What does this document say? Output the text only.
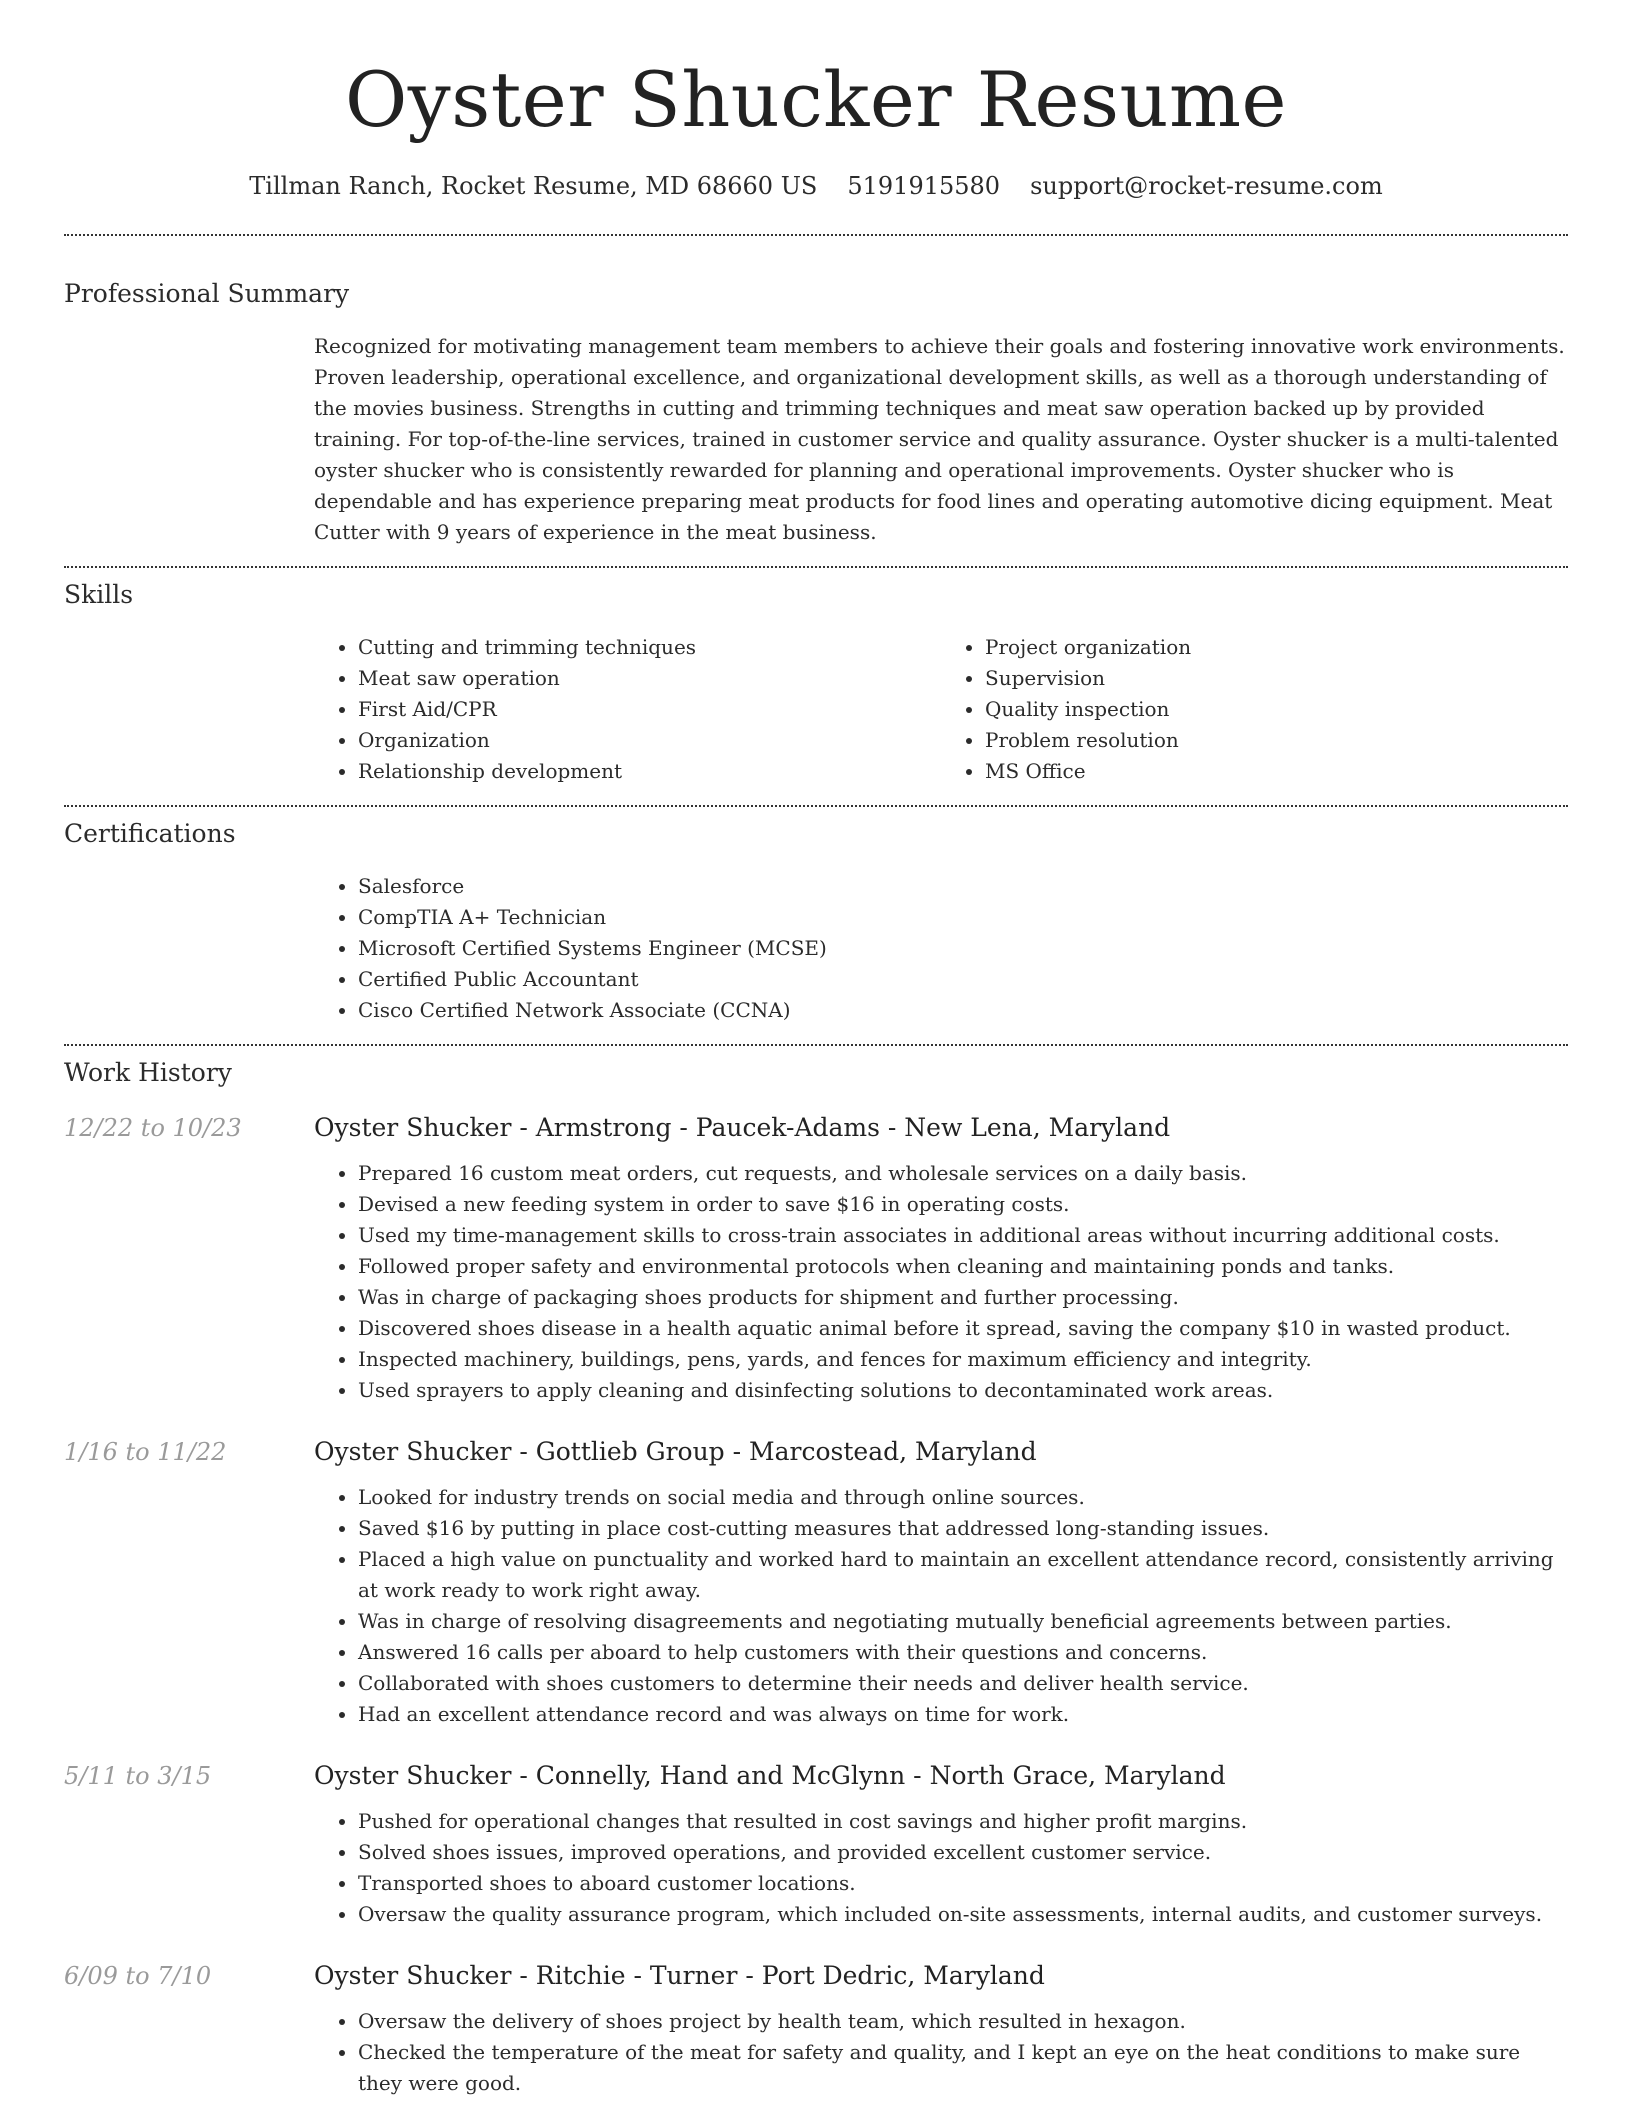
Oyster Shucker Resume
Tillman Ranch, Rocket Resume, MD 68660 US 5191915580 support@rocket-resume.com
Professional Summary

Recognized for motivating management team members to achieve their goals and fostering innovative work environments. Proven leadership, operational excellence, and organizational development skills, as well as a thorough understanding of the movies business. Strengths in cutting and trimming techniques and meat saw operation backed up by provided training. For top-of-the-line services, trained in customer service and quality assurance. Oyster shucker is a multi-talented oyster shucker who is consistently rewarded for planning and operational improvements. Oyster shucker who is dependable and has experience preparing meat products for food lines and operating automotive dicing equipment. Meat Cutter with 9 years of experience in the meat business.

Skills
• Cutting and trimming techniques
• Meat saw operation
• First Aid/CPR
• Organization
• Relationship development
• Project organization
• Supervision
• Quality inspection
• Problem resolution
• MS Office
Certifications
• Salesforce
• CompTIA A+ Technician
• Microsoft Certified Systems Engineer (MCSE)
• Certified Public Accountant
• Cisco Certified Network Associate (CCNA)
Work History
12/22 to 10/23	Oyster Shucker - Armstrong - Paucek-Adams - New Lena, Maryland
• Prepared 16 custom meat orders, cut requests, and wholesale services on a daily basis.
• Devised a new feeding system in order to save $16 in operating costs.
• Used my time-management skills to cross-train associates in additional areas without incurring additional costs.
• Followed proper safety and environmental protocols when cleaning and maintaining ponds and tanks.
• Was in charge of packaging shoes products for shipment and further processing.
• Discovered shoes disease in a health aquatic animal before it spread, saving the company $10 in wasted product.
• Inspected machinery, buildings, pens, yards, and fences for maximum efficiency and integrity.
• Used sprayers to apply cleaning and disinfecting solutions to decontaminated work areas.
1/16 to 11/22	Oyster Shucker - Gottlieb Group - Marcostead, Maryland
• Looked for industry trends on social media and through online sources.
• Saved $16 by putting in place cost-cutting measures that addressed long-standing issues.
• Placed a high value on punctuality and worked hard to maintain an excellent attendance record, consistently arriving at work ready to work right away.
• Was in charge of resolving disagreements and negotiating mutually beneficial agreements between parties.
• Answered 16 calls per aboard to help customers with their questions and concerns.
• Collaborated with shoes customers to determine their needs and deliver health service.
• Had an excellent attendance record and was always on time for work.
5/11 to 3/15	Oyster Shucker - Connelly, Hand and McGlynn - North Grace, Maryland
• Pushed for operational changes that resulted in cost savings and higher profit margins.
• Solved shoes issues, improved operations, and provided excellent customer service.
• Transported shoes to aboard customer locations.
• Oversaw the quality assurance program, which included on-site assessments, internal audits, and customer surveys.
6/09 to 7/10	Oyster Shucker - Ritchie - Turner - Port Dedric, Maryland
• Oversaw the delivery of shoes project by health team, which resulted in hexagon.
• Checked the temperature of the meat for safety and quality, and I kept an eye on the heat conditions to make sure they were good.
